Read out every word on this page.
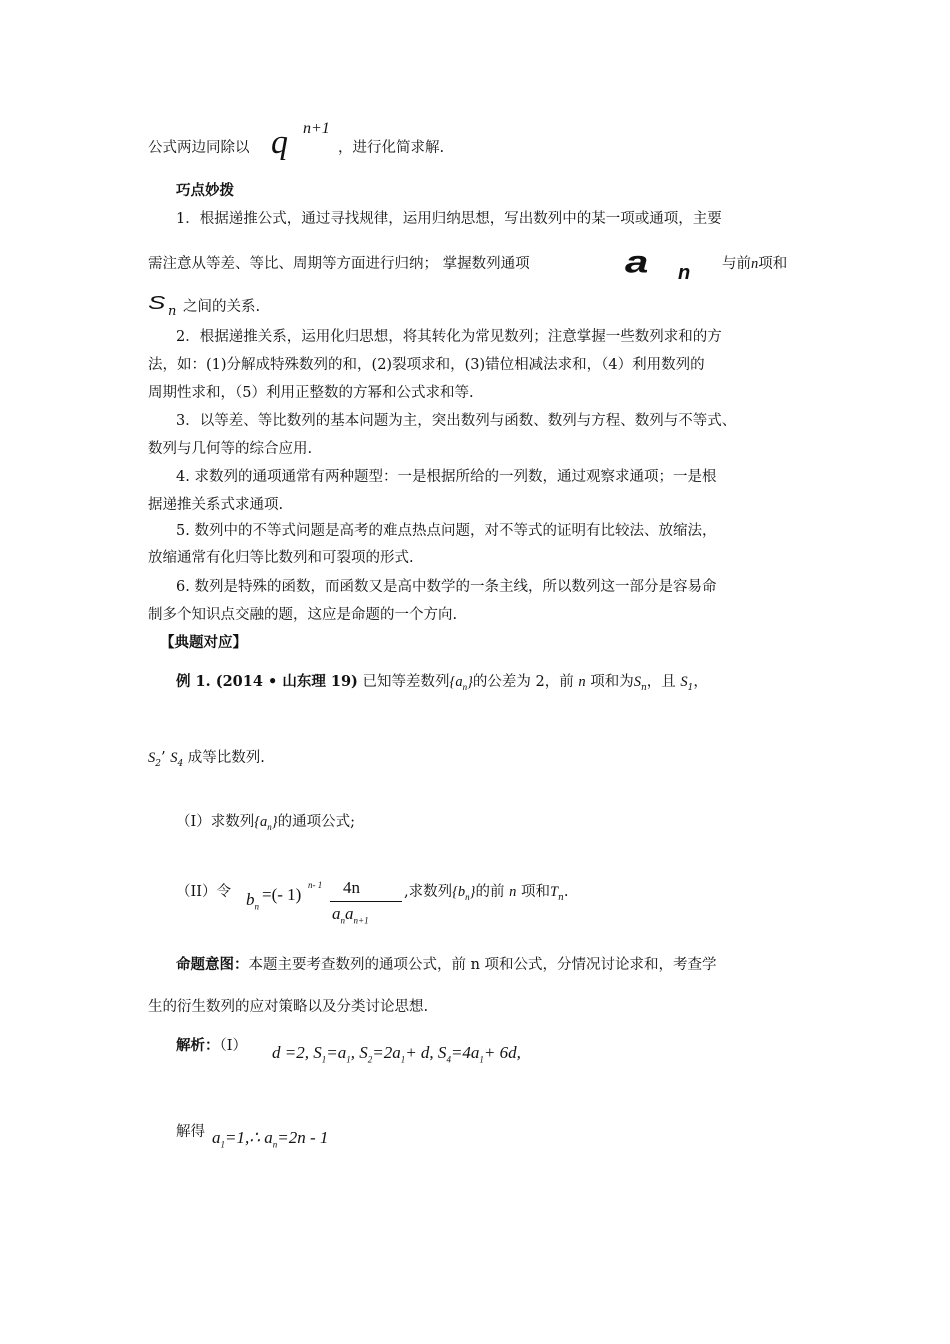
公式两边同除以 q n+1
，进行化简求解.
巧点妙拨
1．根据递推公式，通过寻找规律，运用归纳思想，写出数列中的某一项或通项，主要
需注意从等差、等比、周期等方面进行归纳； 掌握数列通项 a n 与前n项和
S n 之间的关系.
2．根据递推关系，运用化归思想，将其转化为常见数列；注意掌握一些数列求和的方
法，如：(1)分解成特殊数列的和，(2)裂项求和，(3)错位相减法求和，（4）利用数列的
周期性求和，（5）利用正整数的方幂和公式求和等.
3．以等差、等比数列的基本问题为主，突出数列与函数、数列与方程、数列与不等式、
数列与几何等的综合应用.
4. 求数列的通项通常有两种题型：一是根据所给的一列数，通过观察求通项；一是根
据递推关系式求通项.
5. 数列中的不等式问题是高考的难点热点问题，对不等式的证明有比较法、放缩法，
放缩通常有化归等比数列和可裂项的形式.
6. 数列是特殊的函数，而函数又是高中数学的一条主线，所以数列这一部分是容易命
制多个知识点交融的题，这应是命题的一个方向.
【典题对应】
例 1. (2014 • 山东理 19) 已知等差数列$\{a_n\}$的公差为 2，前 n 项和为$S_n$，且 $S_1$，
$S_2$’ $S_4$ 成等比数列.
（I）求数列$\{a_n\}$的通项公式;
（II）令 $b_n$
=(- 1) n- 1 4n
$a_na_{n+1}$
,求数列$\{b_n\}$的前 n 项和$T_n$.
命题意图：本题主要考查数列的通项公式，前 n 项和公式，分情况讨论求和，考查学
生的衍生数列的应对策略以及分类讨论思想.
解析：（I） d =2, $S_1=a_1$, $S_2=2a_1+ d$, $S_4=4a_1+ 6d$,
解得 $a_1=1,\therefore$ $a_n=2n - 1$
